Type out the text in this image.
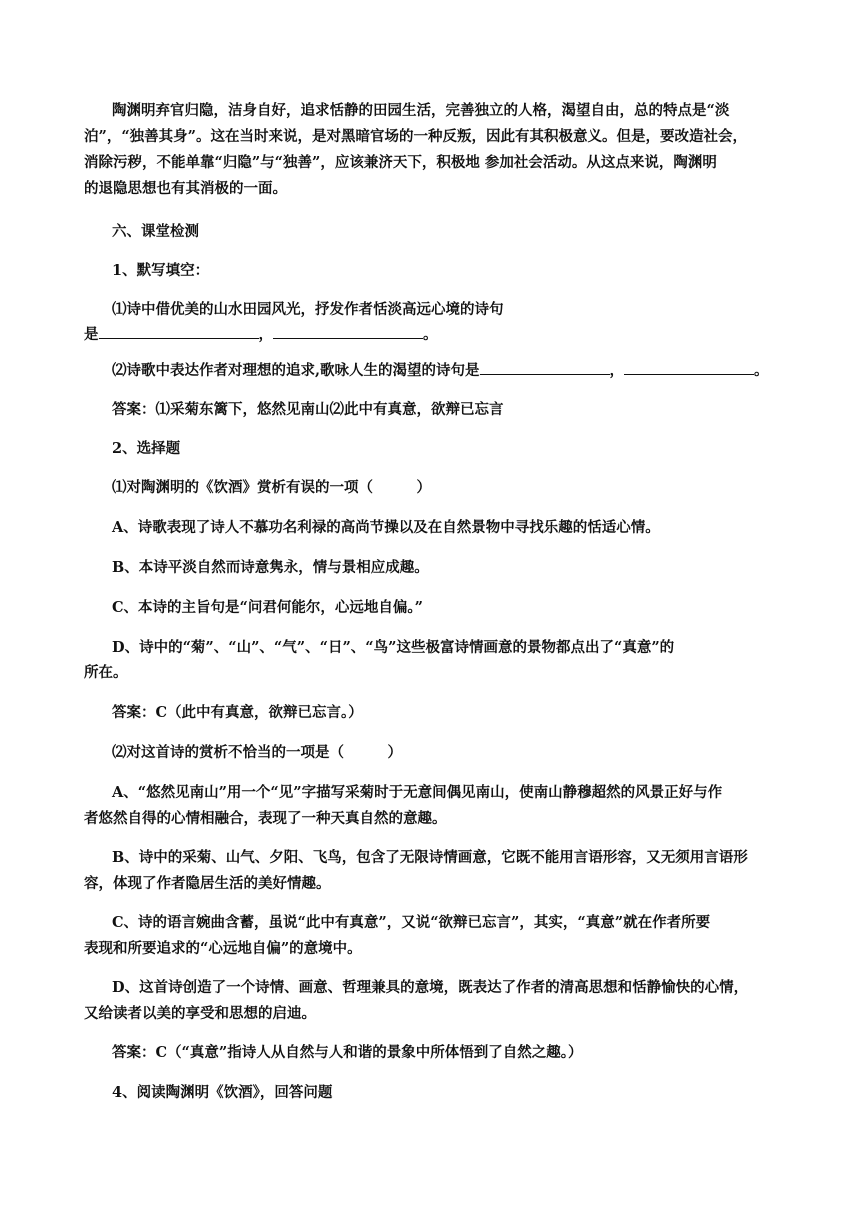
陶渊明弃官归隐，洁身自好，追求恬静的田园生活，完善独立的人格，渴望自由，总的特点是“淡
泊”，“独善其身”。这在当时来说，是对黑暗官场的一种反叛，因此有其积极意义。但是，要改造社会，
消除污秽，不能单靠“归隐”与“独善”，应该兼济天下，积极地 参加社会活动。从这点来说，陶渊明
的退隐思想也有其消极的一面。
六、课堂检测
1、默写填空：
⑴诗中借优美的山水田园风光，抒发作者恬淡高远心境的诗句
是	，	。
⑵诗歌中表达作者对理想的追求,歌咏人生的渴望的诗句是	，	。
答案：⑴采菊东篱下，悠然见南山⑵此中有真意，欲辩已忘言
2、选择题
⑴对陶渊明的《饮酒》赏析有误的一项（　　　）
A、诗歌表现了诗人不慕功名利禄的高尚节操以及在自然景物中寻找乐趣的恬适心情。
B、本诗平淡自然而诗意隽永，情与景相应成趣。
C、本诗的主旨句是“问君何能尔，心远地自偏。”
D、诗中的“菊”、“山”、“气”、“日”、“鸟”这些极富诗情画意的景物都点出了“真意”的
所在。
答案：C（此中有真意，欲辩已忘言。）
⑵对这首诗的赏析不恰当的一项是（　　　）
A、“悠然见南山”用一个“见”字描写采菊时于无意间偶见南山，使南山静穆超然的风景正好与作
者悠然自得的心情相融合，表现了一种天真自然的意趣。
B、诗中的采菊、山气、夕阳、飞鸟，包含了无限诗情画意，它既不能用言语形容，又无须用言语形
容，体现了作者隐居生活的美好情趣。
C、诗的语言婉曲含蓄，虽说“此中有真意”，又说“欲辩已忘言”，其实，“真意”就在作者所要
表现和所要追求的“心远地自偏”的意境中。
D、这首诗创造了一个诗情、画意、哲理兼具的意境，既表达了作者的清高思想和恬静愉快的心情，
又给读者以美的享受和思想的启迪。
答案：C（“真意”指诗人从自然与人和谐的景象中所体悟到了自然之趣。）
4、阅读陶渊明《饮酒》，回答问题
